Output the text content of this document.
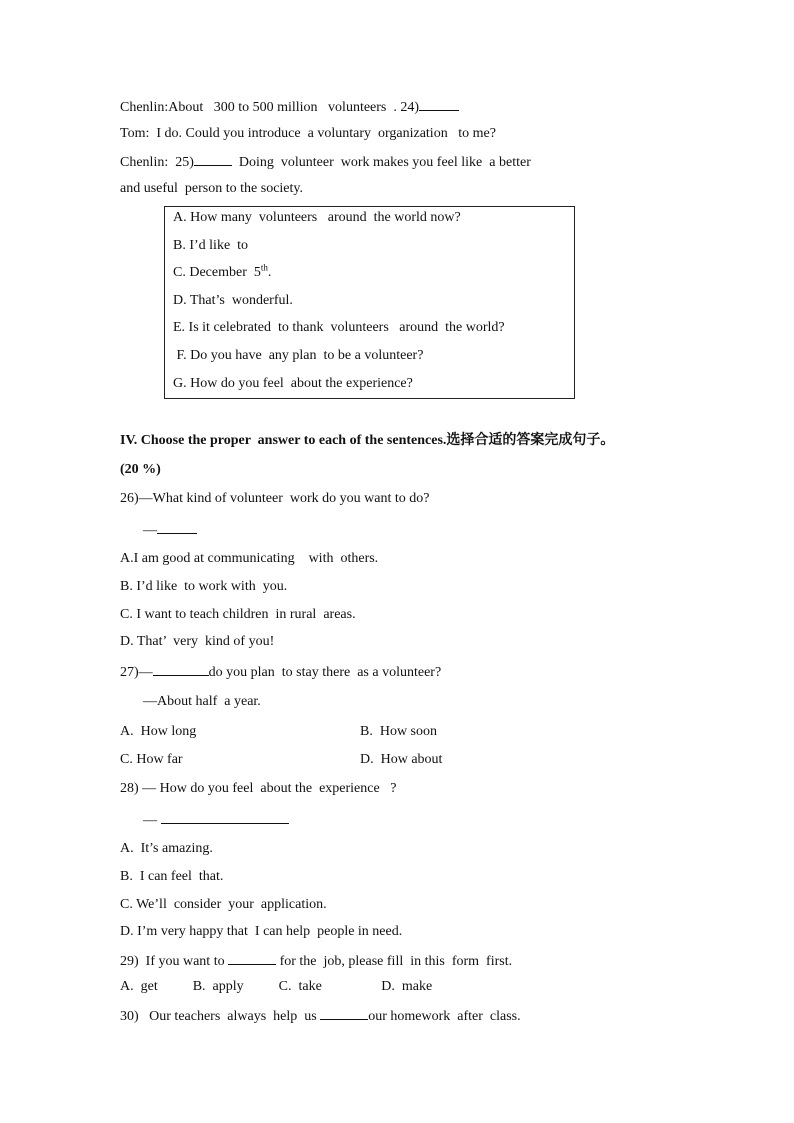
Chenlin:About   300 to 500 million   volunteers  . 24)
Tom:  I do. Could you introduce  a voluntary  organization   to me?
Chenlin:  25)	Doing  volunteer  work makes you feel like  a better
and useful  person to the society.
A. How many  volunteers   around  the world now?
B. I’d like  to
C. December  5th.
D. That’s  wonderful.
E. Is it celebrated  to thank  volunteers   around  the world?
F. Do you have  any plan  to be a volunteer?
G. How do you feel  about the experience?
IV. Choose the proper  answer to each of the sentences.选择合适的答案完成句子。
(20 %)
26)—What kind of volunteer  work do you want to do?
—
A.I am good at communicating    with  others.
B. I’d like  to work with  you.
C. I want to teach children  in rural  areas.
D. That’  very  kind of you!
27)—	do you plan  to stay there  as a volunteer?
—About half  a year.
A.  How long	B.  How soon
C. How far	D.  How about
28) — How do you feel  about the  experience   ?
—
A.  It’s amazing.
B.  I can feel  that.
C. We’ll  consider  your  application.
D. I’m very happy that  I can help  people in need.
29)  If you want to	for the  job, please fill  in this  form  first.
A.  get          B.  apply          C.  take                 D.  make
30)   Our teachers  always  help  us	our homework  after  class.
